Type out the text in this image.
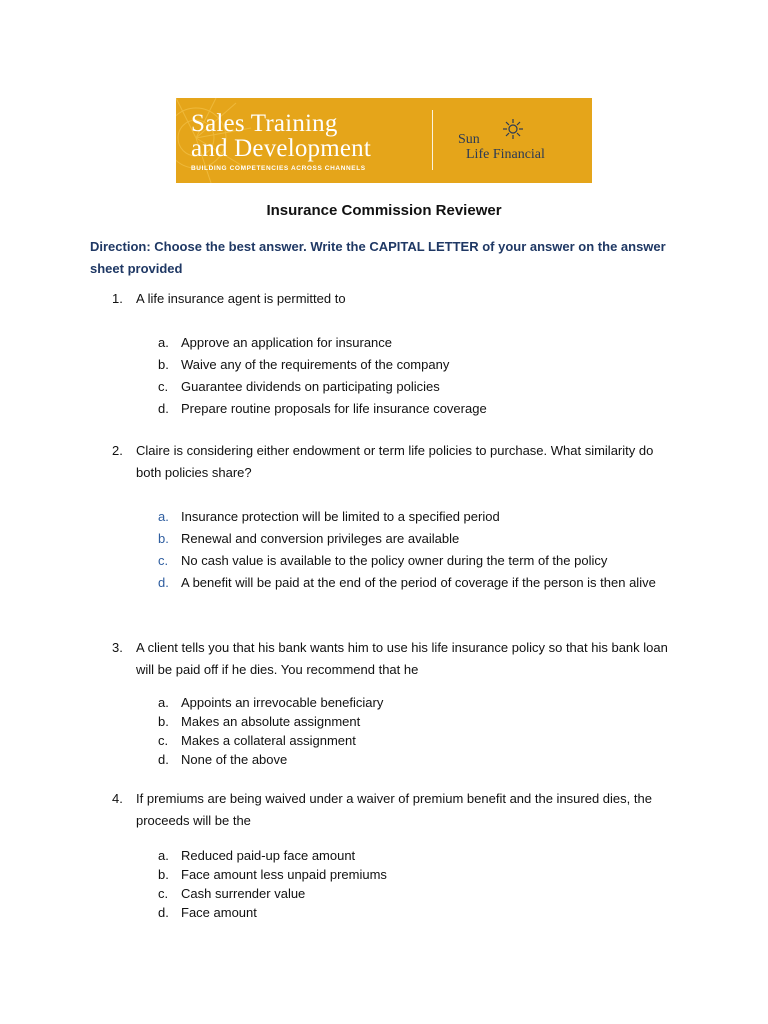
Sales Training
and Development
BUILDING COMPETENCIES ACROSS CHANNELS
Sun
Life Financial
Insurance Commission Reviewer
Direction: Choose the best answer. Write the CAPITAL LETTER of your answer on the answer sheet provided
1. A life insurance agent is permitted to
a. Approve an application for insurance
b. Waive any of the requirements of the company
c. Guarantee dividends on participating policies
d. Prepare routine proposals for life insurance coverage
2. Claire is considering either endowment or term life policies to purchase. What similarity do both policies share?
a. Insurance protection will be limited to a specified period
b. Renewal and conversion privileges are available
c. No cash value is available to the policy owner during the term of the policy
d. A benefit will be paid at the end of the period of coverage if the person is then alive
3. A client tells you that his bank wants him to use his life insurance policy so that his bank loan will be paid off if he dies. You recommend that he
a. Appoints an irrevocable beneficiary
b. Makes an absolute assignment
c. Makes a collateral assignment
d. None of the above
4. If premiums are being waived under a waiver of premium benefit and the insured dies, the proceeds will be the
a. Reduced paid-up face amount
b. Face amount less unpaid premiums
c. Cash surrender value
d. Face amount
